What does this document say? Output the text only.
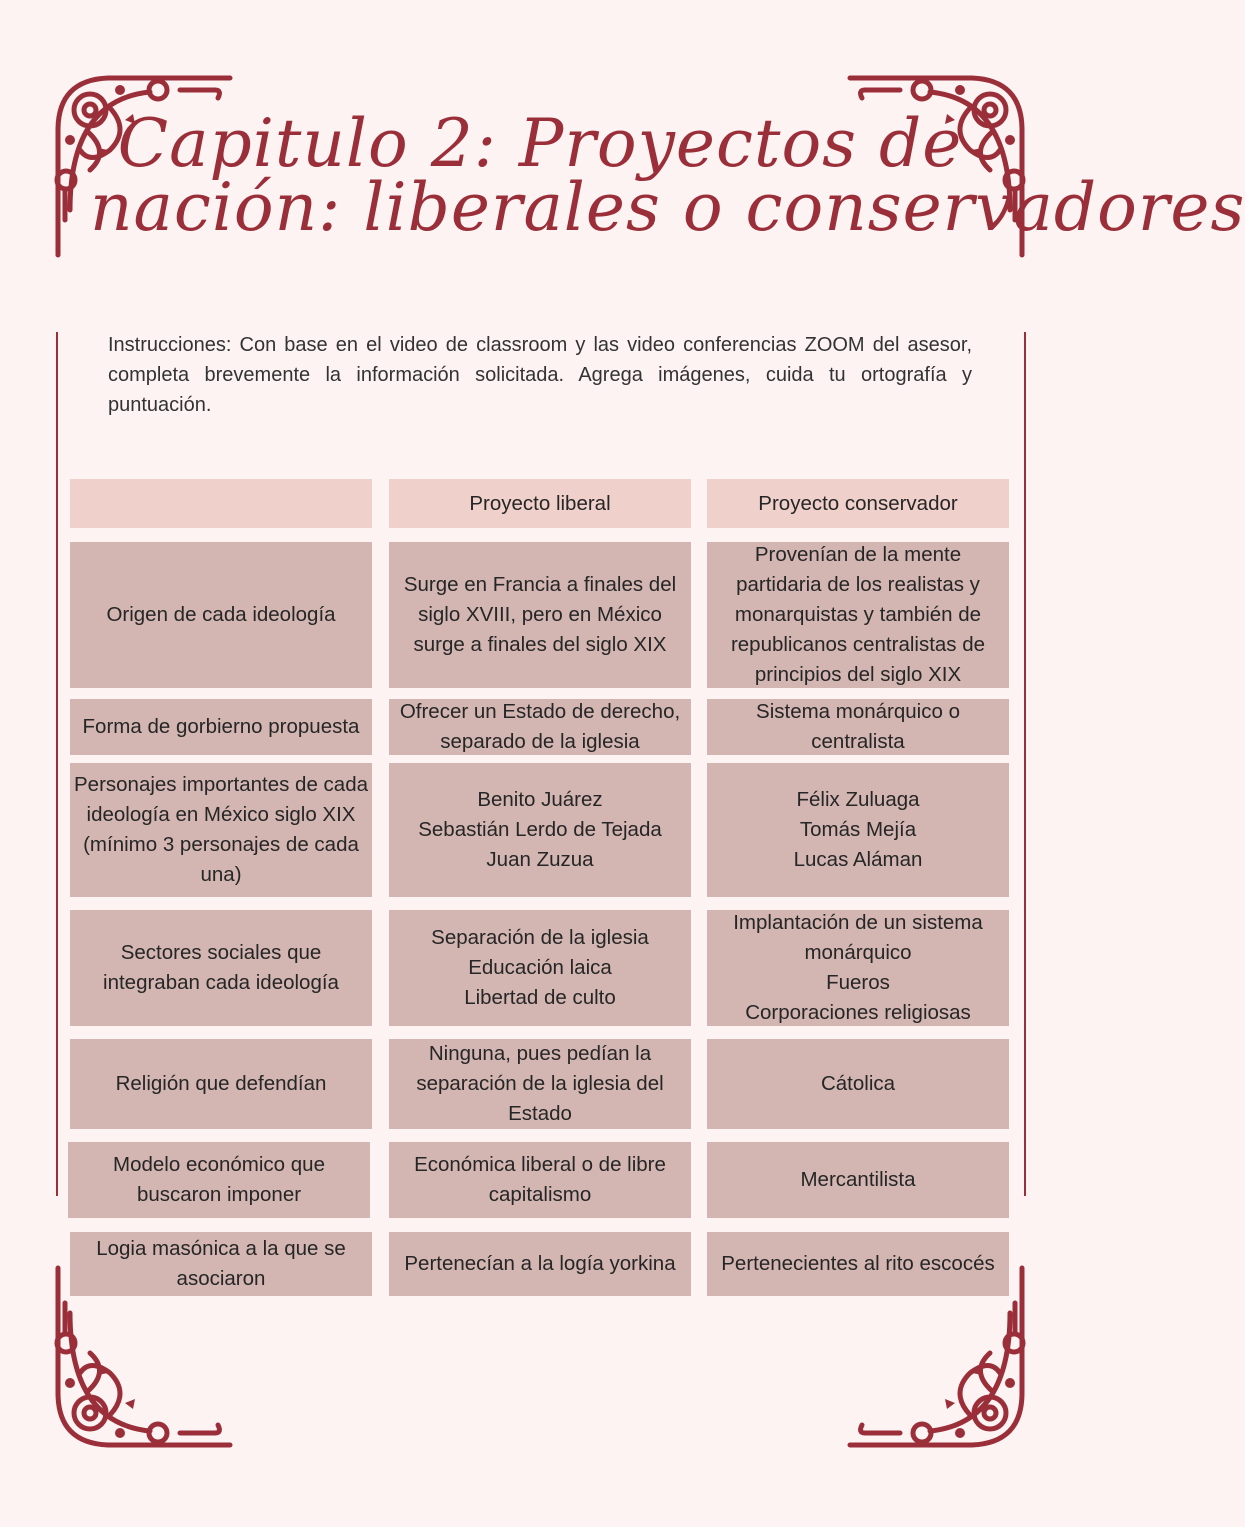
Capitulo 2: Proyectos de
nación: liberales o conservadores
Instrucciones: Con base en el video de classroom y las video conferencias ZOOM del asesor, completa brevemente la información solicitada. Agrega imágenes, cuida tu ortografía y puntuación.
Proyecto liberal	Proyecto conservador
Origen de cada ideología
Surge en Francia a finales del siglo XVIII, pero en México surge a finales del siglo XIX
Provenían de la mente partidaria de los realistas y monarquistas y también de republicanos centralistas de principios del siglo XIX
Forma de gorbierno propuesta
Ofrecer un Estado de derecho, separado de la iglesia
Sistema monárquico o centralista
Personajes importantes de cada ideología en México siglo XIX (mínimo 3 personajes de cada una)
Benito Juárez
Sebastián Lerdo de Tejada
Juan Zuzua
Félix Zuluaga
Tomás Mejía
Lucas Aláman
Sectores sociales que integraban cada ideología
Separación de la iglesia
Educación laica
Libertad de culto
Implantación de un sistema monárquico
Fueros
Corporaciones religiosas
Religión que defendían
Ninguna, pues pedían la separación de la iglesia del Estado
Cátolica
Modelo económico que buscaron imponer
Económica liberal o de libre capitalismo
Mercantilista
Logia masónica a la que se asociaron
Pertenecían a la logía yorkina	Pertenecientes al rito escocés
